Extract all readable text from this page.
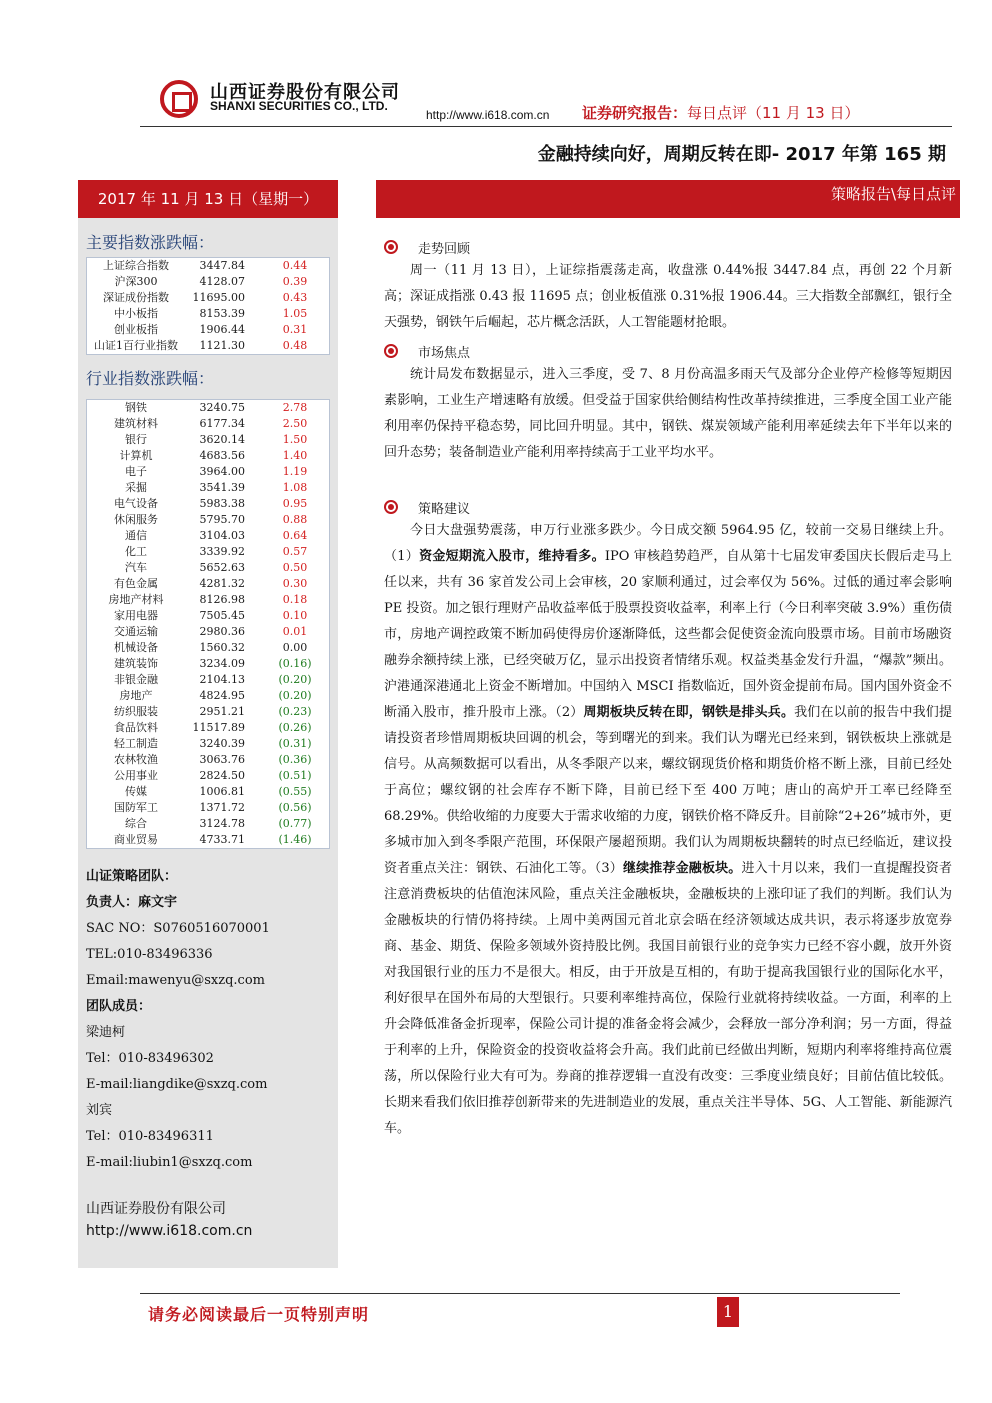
山西证券股份有限公司
SHANXI SECURITIES CO., LTD.
http://www.i618.com.cn 证券研究报告：每日点评（11 月 13 日）
金融持续向好，周期反转在即- 2017 年第 165 期
2017 年 11 月 13 日（星期一）	策略报告\每日点评
主要指数涨跌幅：
上证综合指数	3447.84	0.44
沪深300	4128.07	0.39
深证成份指数	11695.00	0.43
中小板指	8153.39	1.05
创业板指	1906.44	0.31
山证1百行业指数	1121.30	0.48
行业指数涨跌幅：
钢铁	3240.75	2.78
建筑材料	6177.34	2.50
银行	3620.14	1.50
计算机	4683.56	1.40
电子	3964.00	1.19
采掘	3541.39	1.08
电气设备	5983.38	0.95
休闲服务	5795.70	0.88
通信	3104.03	0.64
化工	3339.92	0.57
汽车	5652.63	0.50
有色金属	4281.32	0.30
房地产材料	8126.98	0.18
家用电器	7505.45	0.10
交通运输	2980.36	0.01
机械设备	1560.32	0.00
建筑装饰	3234.09	(0.16)
非银金融	2104.13	(0.20)
房地产	4824.95	(0.20)
纺织服装	2951.21	(0.23)
食品饮料	11517.89	(0.26)
轻工制造	3240.39	(0.31)
农林牧渔	3063.76	(0.36)
公用事业	2824.50	(0.51)
传媒	1006.81	(0.55)
国防军工	1371.72	(0.56)
综合	3124.78	(0.77)
商业贸易	4733.71	(1.46)
山证策略团队：
负责人：麻文宇
SAC NO：S0760516070001
TEL:010-83496336
Email:mawenyu@sxzq.com
团队成员：
梁迪柯
Tel：010-83496302
E-mail:liangdike@sxzq.com
刘宾
Tel：010-83496311
E-mail:liubin1@sxzq.com
山西证券股份有限公司
http://www.i618.com.cn
走势回顾
周一（11 月 13 日），上证综指震荡走高，收盘涨 0.44%报 3447.84 点，再创 22 个月新高；深证成指涨 0.43 报 11695 点；创业板值涨 0.31%报 1906.44。三大指数全部飘红，银行全天强势，钢铁午后崛起，芯片概念活跃，人工智能题材抢眼。
市场焦点
统计局发布数据显示，进入三季度，受 7、8 月份高温多雨天气及部分企业停产检修等短期因素影响，工业生产增速略有放缓。但受益于国家供给侧结构性改革持续推进，三季度全国工业产能利用率仍保持平稳态势，同比回升明显。其中，钢铁、煤炭领域产能利用率延续去年下半年以来的回升态势；装备制造业产能利用率持续高于工业平均水平。
策略建议
今日大盘强势震荡，申万行业涨多跌少。今日成交额 5964.95 亿，较前一交易日继续上升。（1）资金短期流入股市，维持看多。IPO 审核趋势趋严，自从第十七届发审委国庆长假后走马上任以来，共有 36 家首发公司上会审核，20 家顺利通过，过会率仅为 56%。过低的通过率会影响 PE 投资。加之银行理财产品收益率低于股票投资收益率，利率上行（今日利率突破 3.9%）重伤债市，房地产调控政策不断加码使得房价逐渐降低，这些都会促使资金流向股票市场。目前市场融资融券余额持续上涨，已经突破万亿，显示出投资者情绪乐观。权益类基金发行升温，“爆款”频出。沪港通深港通北上资金不断增加。中国纳入 MSCI 指数临近，国外资金提前布局。国内国外资金不断涌入股市，推升股市上涨。（2）周期板块反转在即，钢铁是排头兵。我们在以前的报告中我们提请投资者珍惜周期板块回调的机会，等到曙光的到来。我们认为曙光已经来到，钢铁板块上涨就是信号。从高频数据可以看出，从冬季限产以来，螺纹钢现货价格和期货价格不断上涨，目前已经处于高位；螺纹钢的社会库存不断下降，目前已经下至 400 万吨；唐山的高炉开工率已经降至 68.29%。供给收缩的力度要大于需求收缩的力度，钢铁价格不降反升。目前除“2+26”城市外，更多城市加入到冬季限产范围，环保限产屡超预期。我们认为周期板块翻转的时点已经临近，建议投资者重点关注：钢铁、石油化工等。（3）继续推荐金融板块。进入十月以来，我们一直提醒投资者注意消费板块的估值泡沫风险，重点关注金融板块，金融板块的上涨印证了我们的判断。我们认为金融板块的行情仍将持续。上周中美两国元首北京会晤在经济领域达成共识，表示将逐步放宽券商、基金、期货、保险多领域外资持股比例。我国目前银行业的竞争实力已经不容小觑，放开外资对我国银行业的压力不是很大。相反，由于开放是互相的，有助于提高我国银行业的国际化水平，利好很早在国外布局的大型银行。只要利率维持高位，保险行业就将持续收益。一方面，利率的上升会降低准备金折现率，保险公司计提的准备金将会减少，会释放一部分净利润；另一方面，得益于利率的上升，保险资金的投资收益将会升高。我们此前已经做出判断，短期内利率将维持高位震荡，所以保险行业大有可为。券商的推荐逻辑一直没有改变：三季度业绩良好；目前估值比较低。长期来看我们依旧推荐创新带来的先进制造业的发展，重点关注半导体、5G、人工智能、新能源汽车。
请务必阅读最后一页特别声明	1
